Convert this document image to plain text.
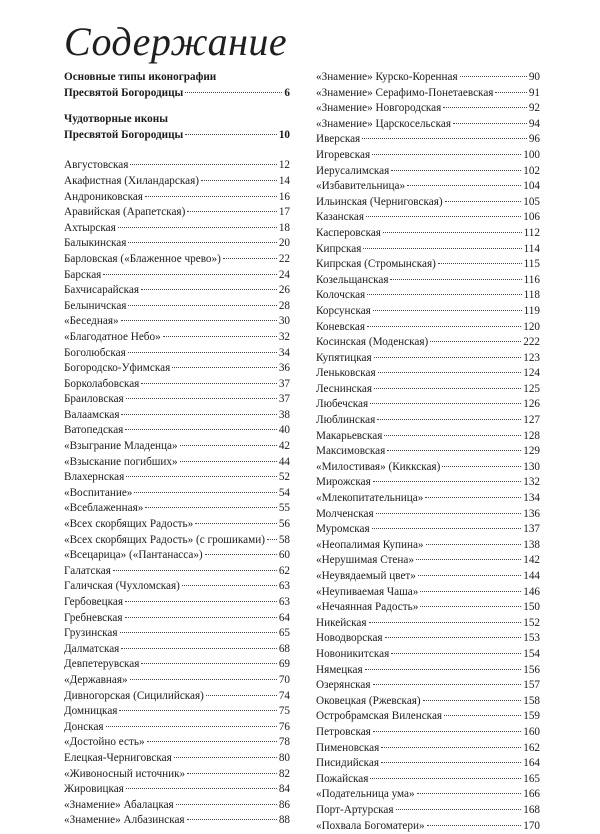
Содержание
Основные типы иконографии
Пресвятой Богородицы	6
Чудотворные иконы
Пресвятой Богородицы	10
Августовская	12
Акафистная (Хиландарская)	14
Андрониковская	16
Аравийская (Арапетская)	17
Ахтырская	18
Балыкинская	20
Барловская («Блаженное чрево»)	22
Барская	24
Бахчисарайская	26
Белыничская	28
«Беседная»	30
«Благодатное Небо»	32
Боголюбская	34
Богородско-Уфимская	36
Борколабовская	37
Браиловская	37
Валаамская	38
Ватопедская	40
«Взыграние Младенца»	42
«Взыскание погибших»	44
Влахернская	52
«Воспитание»	54
«Всеблаженная»	55
«Всех скорбящих Радость»	56
«Всех скорбящих Радость» (с грошиками) 58
«Всецарица» («Пантанасса»)	60
Галатская	62
Галичская (Чухломская)	63
Гербовецкая	63
Гребневская	64
Грузинская	65
Далматская	68
Девпетерувская	69
«Державная»	70
Дивногорская (Сицилийская)	74
Домницкая	75
Донская	76
«Достойно есть»	78
Елецкая-Черниговская	80
«Живоносный источник»	82
Жировицкая	84
«Знамение» Абалацкая	86
«Знамение» Албазинская	88
«Знамение» Курско-Коренная	90
«Знамение» Серафимо-Понетаевская	91
«Знамение» Новгородская	92
«Знамение» Царскосельская	94
Иверская	96
Игоревская	100
Иерусалимская	102
«Избавительница»	104
Ильинская (Черниговская)	105
Казанская	106
Касперовская	112
Кипрская	114
Кипрская (Стромынская)	115
Козельщанская	116
Колочская	118
Корсунская	119
Коневская	120
Косинская (Моденская)	222
Купятицкая	123
Леньковская	124
Леснинская	125
Любечская	126
Люблинская	127
Макарьевская	128
Максимовская	129
«Милостивая» (Киккская)	130
Мирожская	132
«Млекопитательница»	134
Молченская	136
Муромская	137
«Неопалимая Купина»	138
«Нерушимая Стена»	142
«Неувядаемый цвет»	144
«Неупиваемая Чаша»	146
«Нечаянная Радость»	150
Никейская	152
Новодворская	153
Новоникитская	154
Нямецкая	156
Озерянская	157
Оковецкая (Ржевская)	158
Остробрамская Виленская	159
Петровская	160
Пименовская	162
Писидийская	164
Пожайская	165
«Подательница ума»	166
Порт-Артурская	168
«Похвала Богоматери»	170
